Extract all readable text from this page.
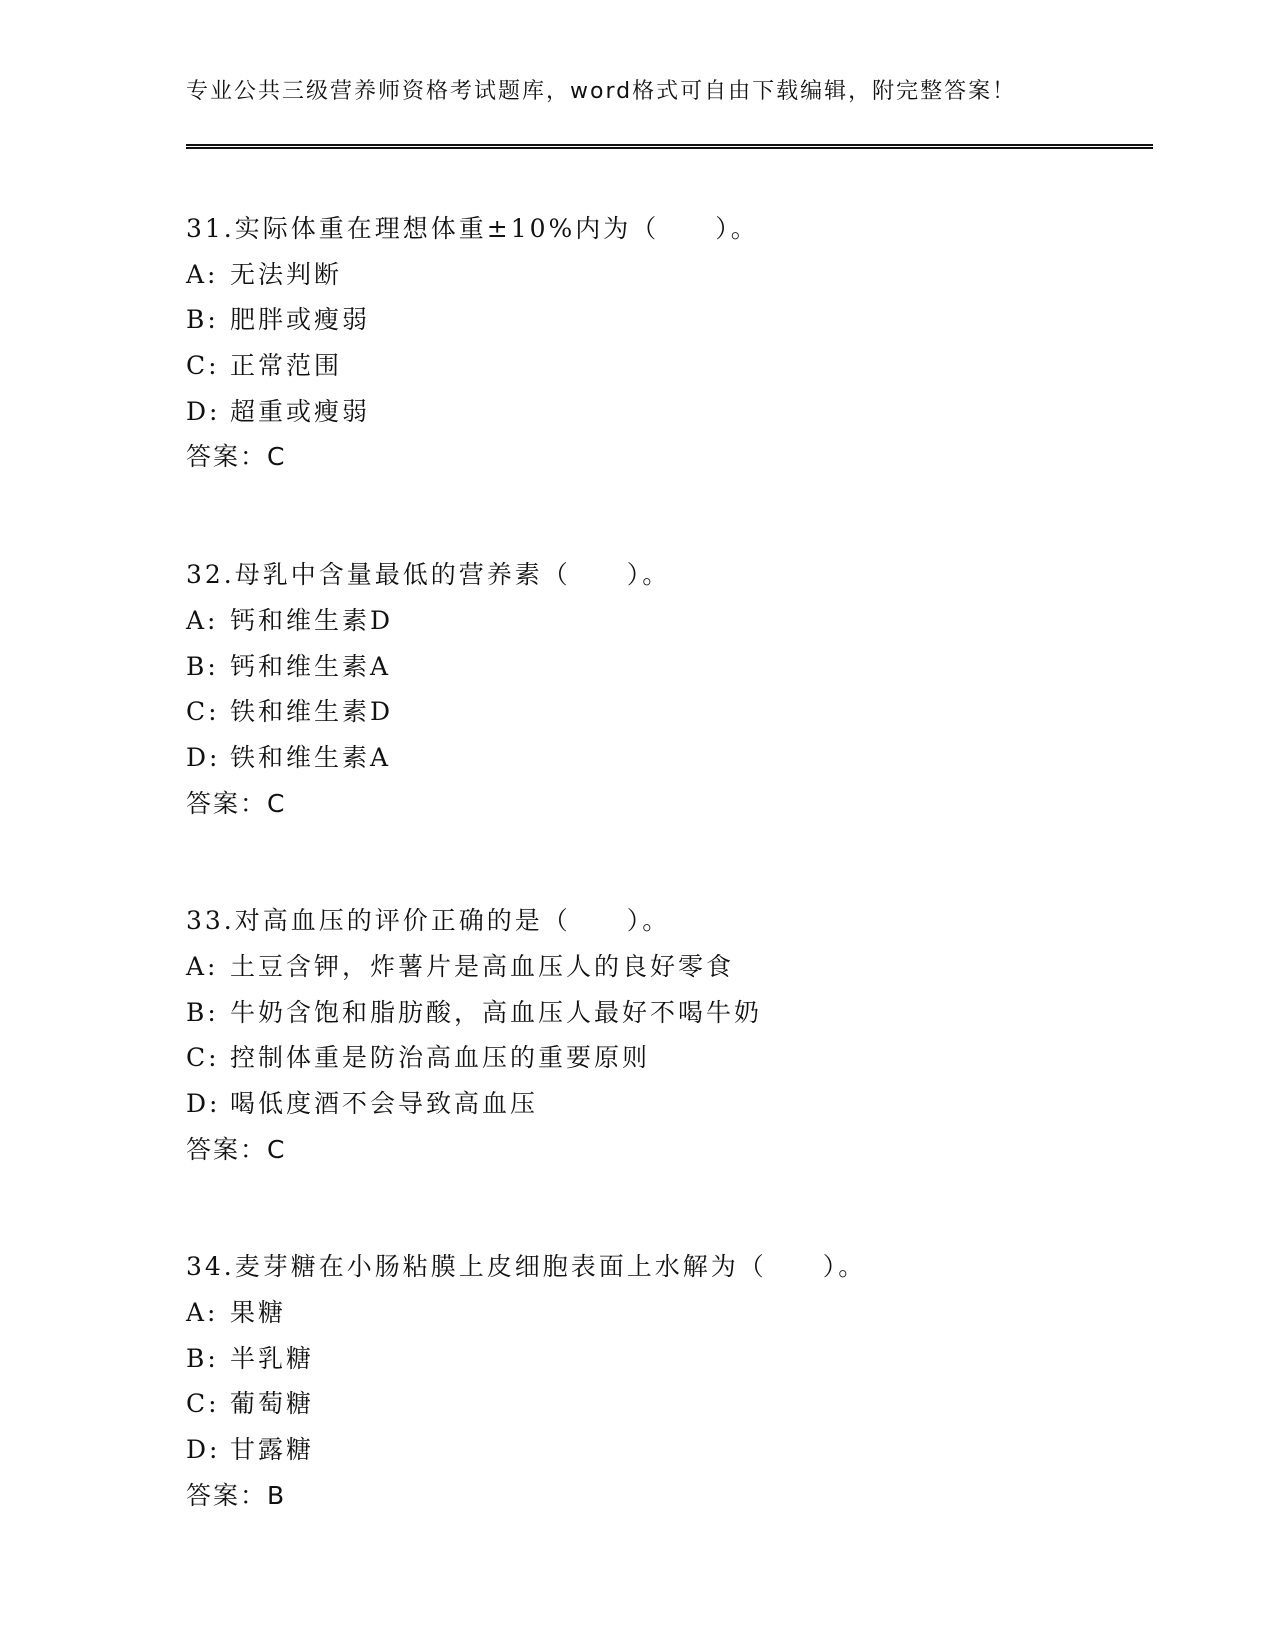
专业公共三级营养师资格考试题库，word格式可自由下载编辑，附完整答案！
31.实际体重在理想体重±10%内为（　　）。
A: 无法判断
B: 肥胖或瘦弱
C: 正常范围
D: 超重或瘦弱
答案：C
32.母乳中含量最低的营养素（　　）。
A: 钙和维生素D
B: 钙和维生素A
C: 铁和维生素D
D: 铁和维生素A
答案：C
33.对高血压的评价正确的是（　　）。
A: 土豆含钾，炸薯片是高血压人的良好零食
B: 牛奶含饱和脂肪酸，高血压人最好不喝牛奶
C: 控制体重是防治高血压的重要原则
D: 喝低度酒不会导致高血压
答案：C
34.麦芽糖在小肠粘膜上皮细胞表面上水解为（　　）。
A: 果糖
B: 半乳糖
C: 葡萄糖
D: 甘露糖
答案：B
